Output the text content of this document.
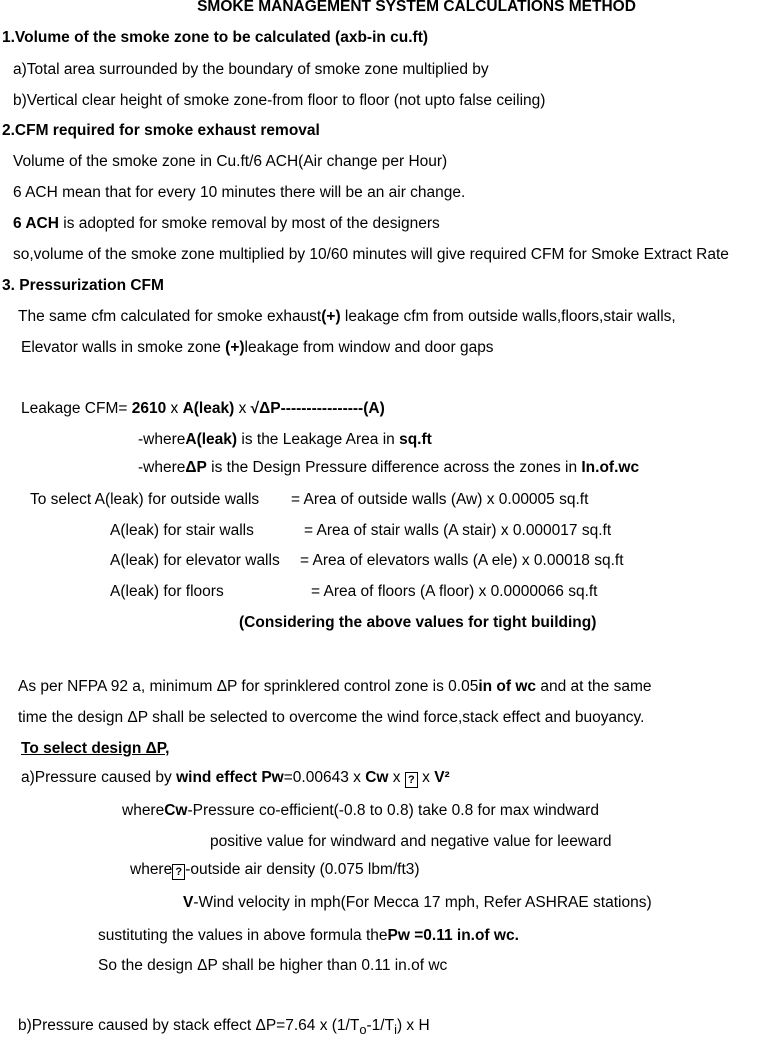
SMOKE MANAGEMENT SYSTEM CALCULATIONS METHOD
1.Volume of the smoke zone to be calculated (axb-in cu.ft)
a)Total area surrounded by the boundary of smoke zone multiplied by
b)Vertical clear height of smoke zone-from floor to floor (not upto false ceiling)
2.CFM required for smoke exhaust removal
Volume of the smoke zone in Cu.ft/6 ACH(Air change per Hour)
6 ACH mean that for every 10 minutes there will be an air change.
6 ACH is adopted for smoke removal by most of the designers
so,volume of the smoke zone multiplied by 10/60 minutes will give required CFM for Smoke Extract Rate
3. Pressurization CFM
The same cfm calculated for smoke exhaust(+) leakage cfm from outside walls,floors,stair walls,
Elevator walls in smoke zone (+)leakage from window and door gaps
Leakage CFM= 2610 x A(leak) x √ΔP----------------(A)
-whereA(leak) is the Leakage Area in sq.ft
-whereΔP is the Design Pressure difference across the zones in In.of.wc
To select A(leak) for outside walls = Area of outside walls (Aw) x 0.00005 sq.ft
A(leak) for stair walls	= Area of stair walls (A stair) x 0.000017 sq.ft
A(leak) for elevator walls = Area of elevators walls (A ele) x 0.00018 sq.ft
A(leak) for floors	= Area of floors (A floor) x 0.0000066 sq.ft
(Considering the above values for tight building)
As per NFPA 92 a, minimum ΔP for sprinklered control zone is 0.05in of wc and at the same
time the design ΔP shall be selected to overcome the wind force,stack effect and buoyancy.
To select design ΔP,
a)Pressure caused by wind effect Pw=0.00643 x Cw x ? x V²
whereCw-Pressure co-efficient(-0.8 to 0.8) take 0.8 for max windward
positive value for windward and negative value for leeward
where ? -outside air density (0.075 lbm/ft3)
V-Wind velocity in mph(For Mecca 17 mph, Refer ASHRAE stations)
sustituting the values in above formula thePw =0.11 in.of wc.
So the design ΔP shall be higher than 0.11 in.of wc
b)Pressure caused by stack effect ΔP=7.64 x $(1/T_o-1/T_i)$ x H
